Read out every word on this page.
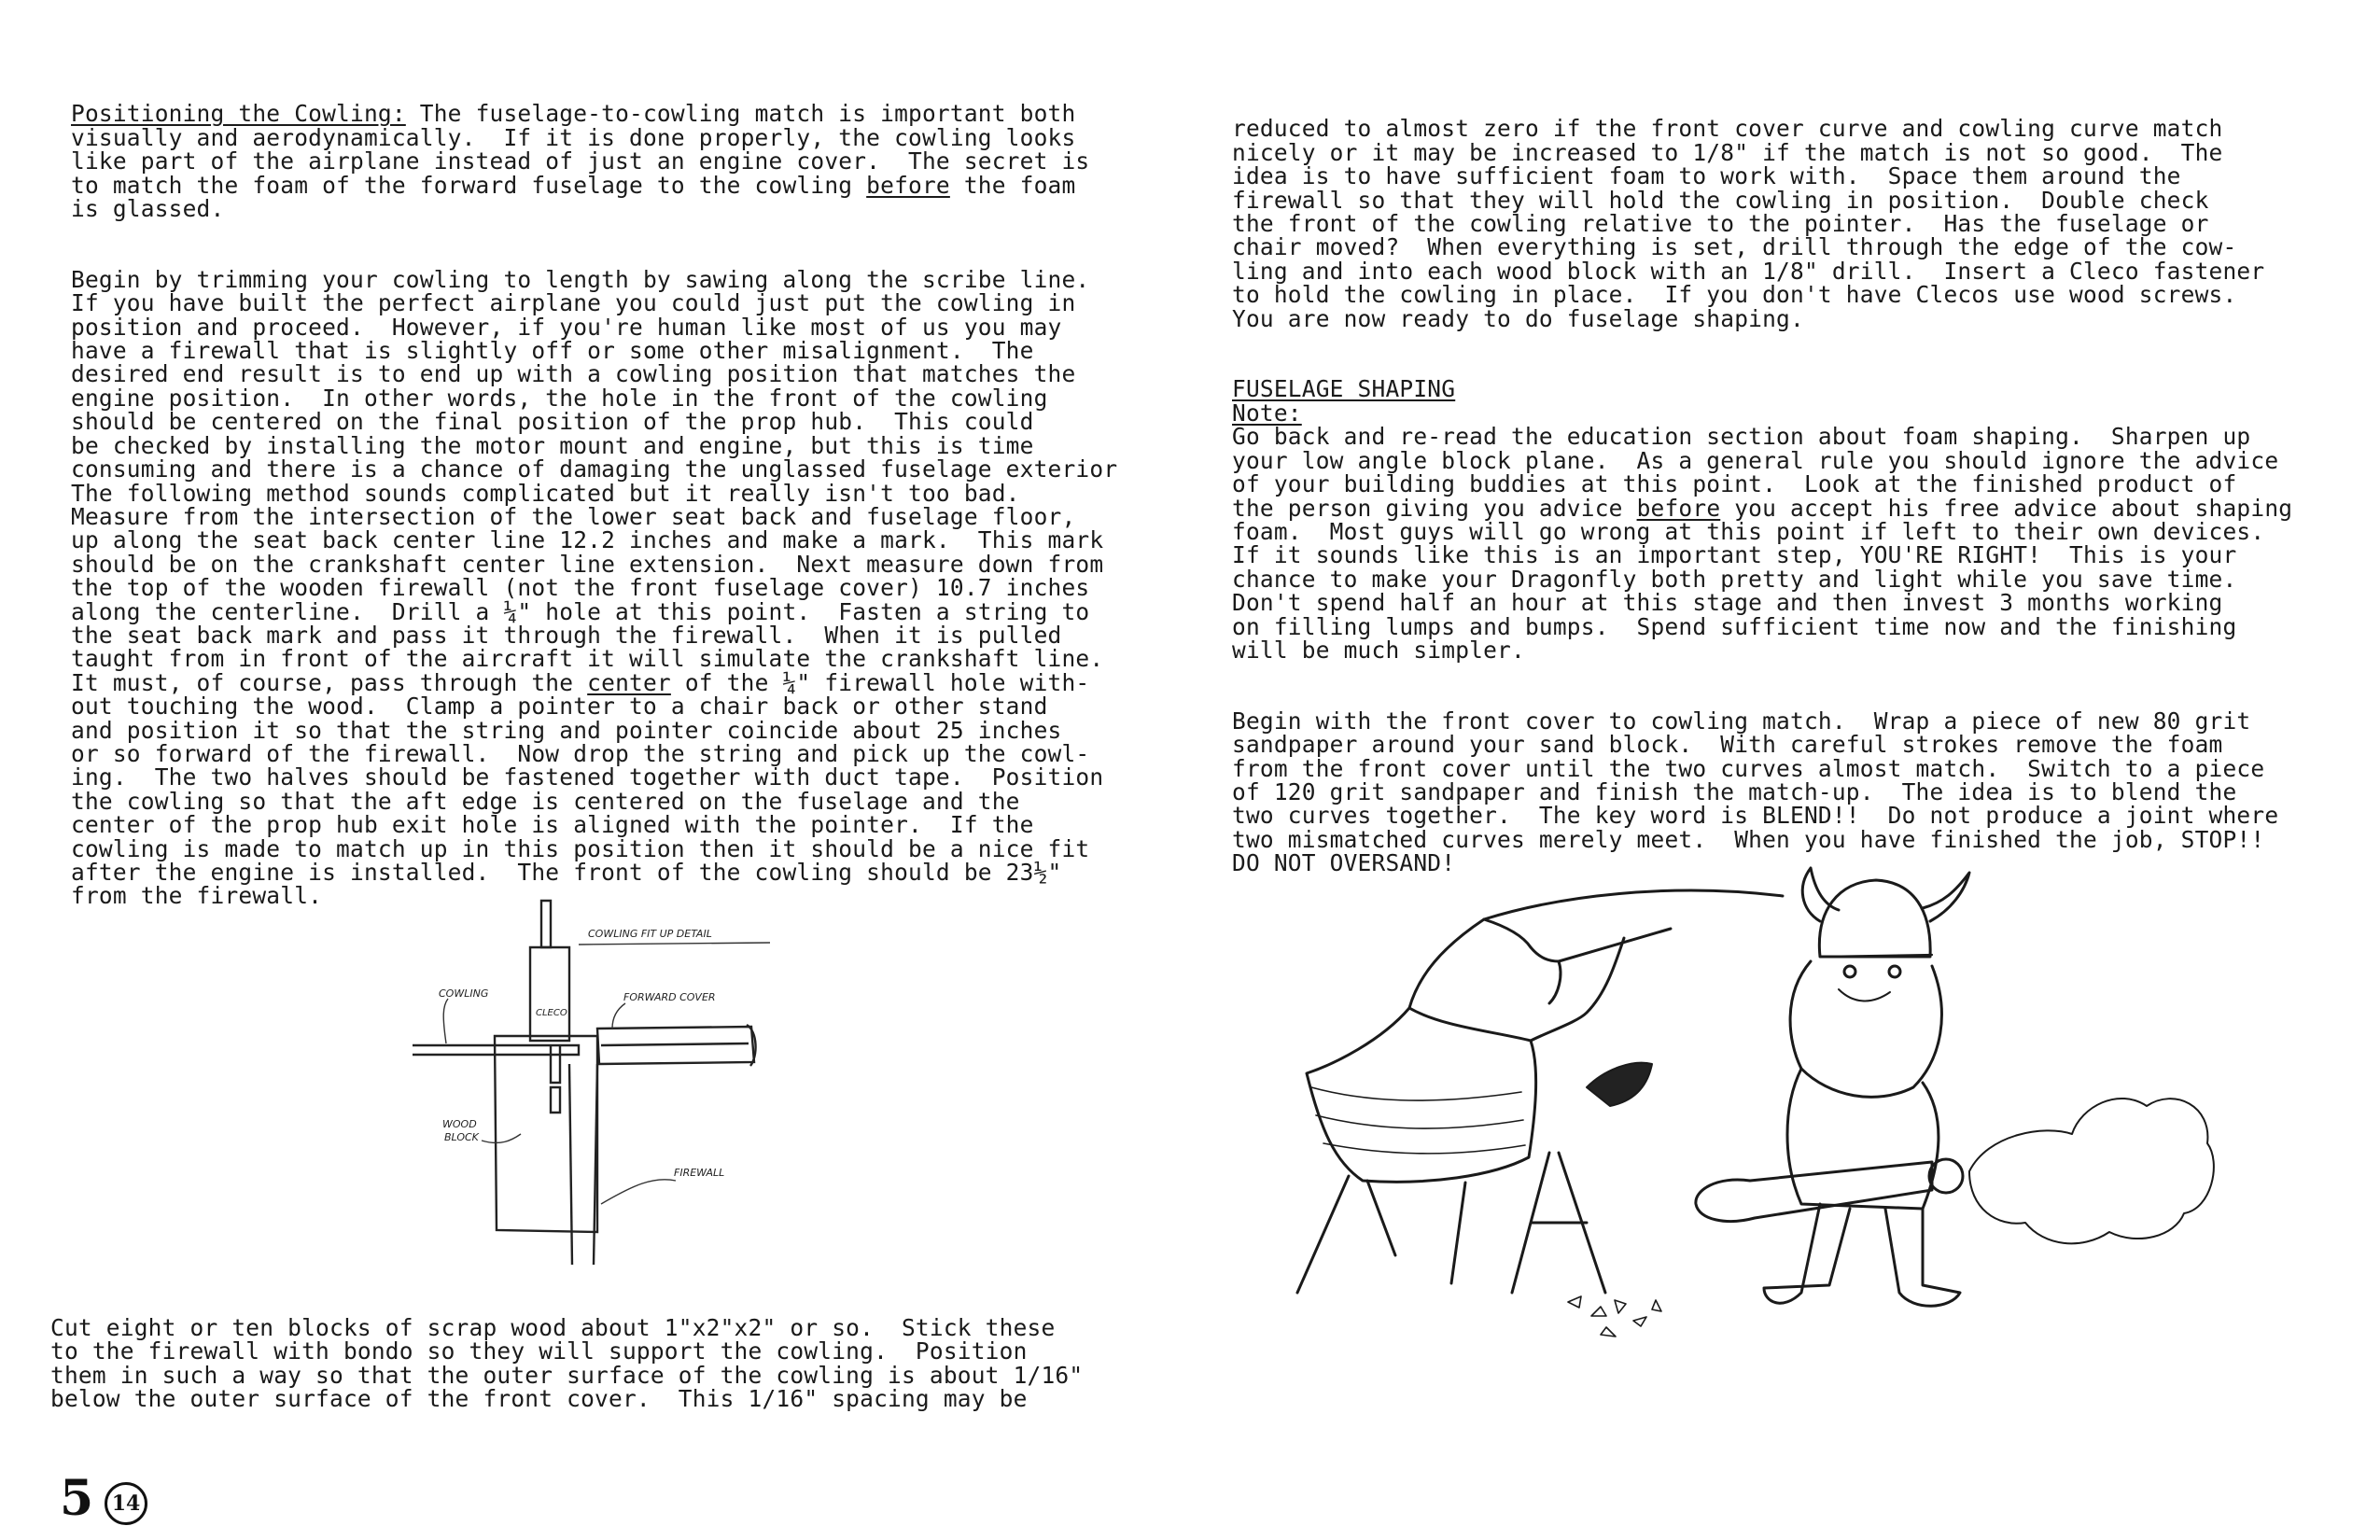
Positioning the Cowling: The fuselage-to-cowling match is important both
visually and aerodynamically.  If it is done properly, the cowling looks
like part of the airplane instead of just an engine cover.  The secret is
to match the foam of the forward fuselage to the cowling before the foam
is glassed.

Begin by trimming your cowling to length by sawing along the scribe line.
If you have built the perfect airplane you could just put the cowling in
position and proceed.  However, if you're human like most of us you may
have a firewall that is slightly off or some other misalignment.  The
desired end result is to end up with a cowling position that matches the
engine position.  In other words, the hole in the front of the cowling
should be centered on the final position of the prop hub.  This could
be checked by installing the motor mount and engine, but this is time
consuming and there is a chance of damaging the unglassed fuselage exterior
The following method sounds complicated but it really isn't too bad.
Measure from the intersection of the lower seat back and fuselage floor,
up along the seat back center line 12.2 inches and make a mark.  This mark
should be on the crankshaft center line extension.  Next measure down from
the top of the wooden firewall (not the front fuselage cover) 10.7 inches
along the centerline.  Drill a ¼" hole at this point.  Fasten a string to
the seat back mark and pass it through the firewall.  When it is pulled
taught from in front of the aircraft it will simulate the crankshaft line.
It must, of course, pass through the center of the ¼" firewall hole with-
out touching the wood.  Clamp a pointer to a chair back or other stand
and position it so that the string and pointer coincide about 25 inches
or so forward of the firewall.  Now drop the string and pick up the cowl-
ing.  The two halves should be fastened together with duct tape.  Position
the cowling so that the aft edge is centered on the fuselage and the
center of the prop hub exit hole is aligned with the pointer.  If the
cowling is made to match up in this position then it should be a nice fit
after the engine is installed.  The front of the cowling should be 23½"
from the firewall.

COWLING FIT UP DETAIL
COWLING	FORWARD COVER
CLECO
WOOD
BLOCK
FIREWALL
Cut eight or ten blocks of scrap wood about 1"x2"x2" or so.  Stick these
to the firewall with bondo so they will support the cowling.  Position
them in such a way so that the outer surface of the cowling is about 1/16"
below the outer surface of the front cover.  This 1/16" spacing may be

reduced to almost zero if the front cover curve and cowling curve match
nicely or it may be increased to 1/8" if the match is not so good.  The
idea is to have sufficient foam to work with.  Space them around the
firewall so that they will hold the cowling in position.  Double check
the front of the cowling relative to the pointer.  Has the fuselage or
chair moved?  When everything is set, drill through the edge of the cow-
ling and into each wood block with an 1/8" drill.  Insert a Cleco fastener
to hold the cowling in place.  If you don't have Clecos use wood screws.
You are now ready to do fuselage shaping.

FUSELAGE SHAPING
Note:
Go back and re-read the education section about foam shaping.  Sharpen up
your low angle block plane.  As a general rule you should ignore the advice
of your building buddies at this point.  Look at the finished product of
the person giving you advice before you accept his free advice about shaping
foam.  Most guys will go wrong at this point if left to their own devices.
If it sounds like this is an important step, YOU'RE RIGHT!  This is your
chance to make your Dragonfly both pretty and light while you save time.
Don't spend half an hour at this stage and then invest 3 months working
on filling lumps and bumps.  Spend sufficient time now and the finishing
will be much simpler.

Begin with the front cover to cowling match.  Wrap a piece of new 80 grit
sandpaper around your sand block.  With careful strokes remove the foam
from the front cover until the two curves almost match.  Switch to a piece
of 120 grit sandpaper and finish the match-up.  The idea is to blend the
two curves together.  The key word is BLEND!!  Do not produce a joint where
two mismatched curves merely meet.  When you have finished the job, STOP!!
DO NOT OVERSAND!

5 14
